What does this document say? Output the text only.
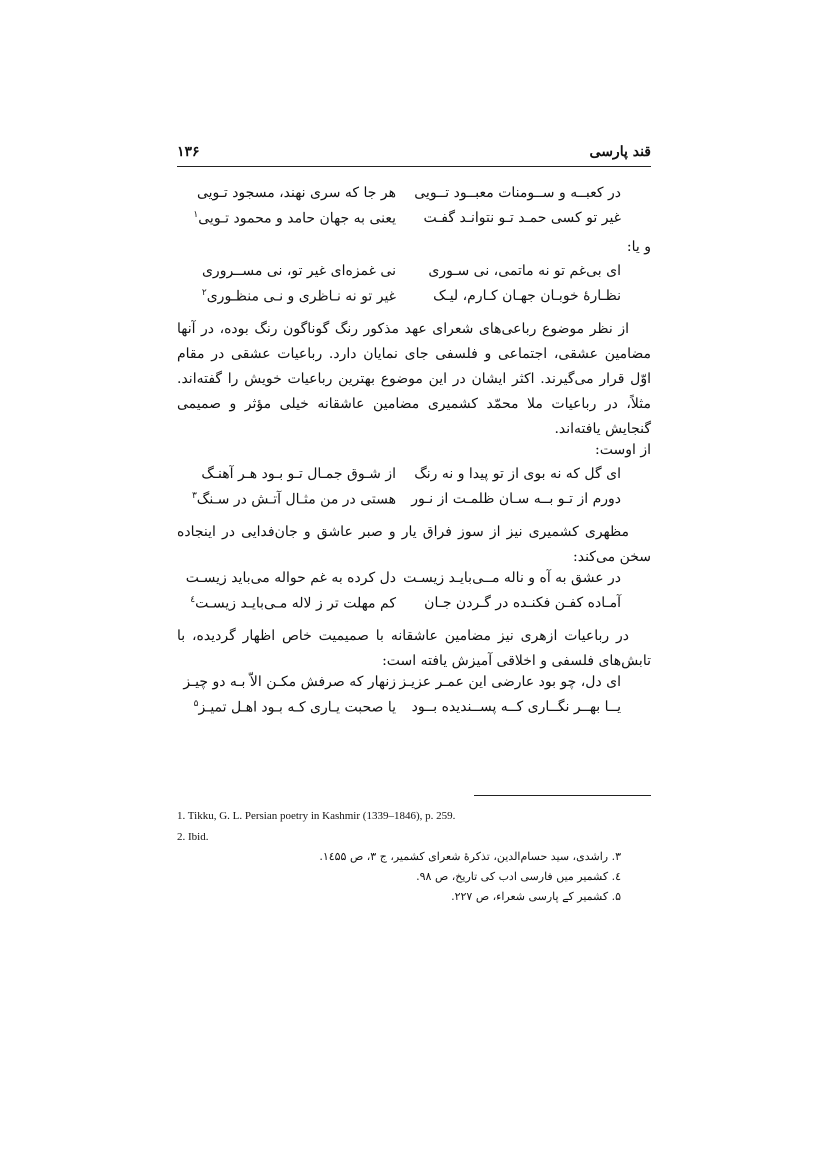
قند پارسی
۱۳۶
در کعبــه و ســومنات معبــود تــویی
هر جا که سری نهند، مسجود تـویی
غیر تو کسی حمـد تـو نتوانـد گفـت
یعنی به جهان حامد و محمود تـویی$^۱$
و یا:
ای بی‌غم تو نه ماتمی، نی سـوری
نی غمزه‌ای غیر تو، نی مســروری
نظـارۀ خوبـان جهـان کـارم، لیـک
غیر تو نه نـاظری و نـی منظـوری$^۲$

از نظر موضوع رباعی‌های شعرای عهد مذکور رنگ گوناگون رنگ بوده، در آنها مضامین عشقی، اجتماعی و فلسفی جای نمایان دارد. رباعیات عشقی در مقام اوّل قرار می‌گیرند. اکثر ایشان در این موضوع بهترین رباعیات خویش را گفته‌اند. مثلاً، در رباعیات ملا محمّد کشمیری مضامین عاشقانه خیلی مؤثر و صمیمی گنجایش یافته‌اند.

از اوست:
ای گل که نه بوی از تو پیدا و نه رنگ
از شـوق جمـال تـو بـود هـر آهنـگ
دورم از تـو بــه سـان ظلمـت از نـور
هستی در من مثـال آتـش در سـنگ$^۳$

مظهری کشمیری نیز از سوز فراق یار و صبر عاشق و جان‌فدایی در اینجاده سخن می‌کند:

در عشق به آه و ناله مــی‌بایـد زیسـت
دل کرده به غم حواله می‌باید زیسـت
آمـاده کفـن فکنـده در گـردن جـان
کم مهلت تر ز لاله مـی‌بایـد زیسـت$^٤$

در رباعیات ازهری نیز مضامین عاشقانه با صمیمیت خاص اظهار گردیده، با تابش‌های فلسفی و اخلاقی آمیزش یافته است:

ای دل، چو بود عارضی این عمـر عزیـز
زنهار که صرفش مکـن الاّ بـه دو چیـز
یــا بهــر نگــاری کــه پســندیده بــود
یا صحبت یـاری کـه بـود اهـل تمیـز$^۵$
1. Tikku, G. L. Persian poetry in Kashmir (1339–1846), p. 259.
2. Ibid.
۳. راشدی، سید حسام‌الدین، تذکرۀ شعرای کشمیر، ج ۳، ص ۱٤۵۵.
٤. کشمیر میں فارسی ادب کی تاریخ، ص ۹۸.
۵. کشمیر کے پارسی شعراء، ص ۲۲۷.
